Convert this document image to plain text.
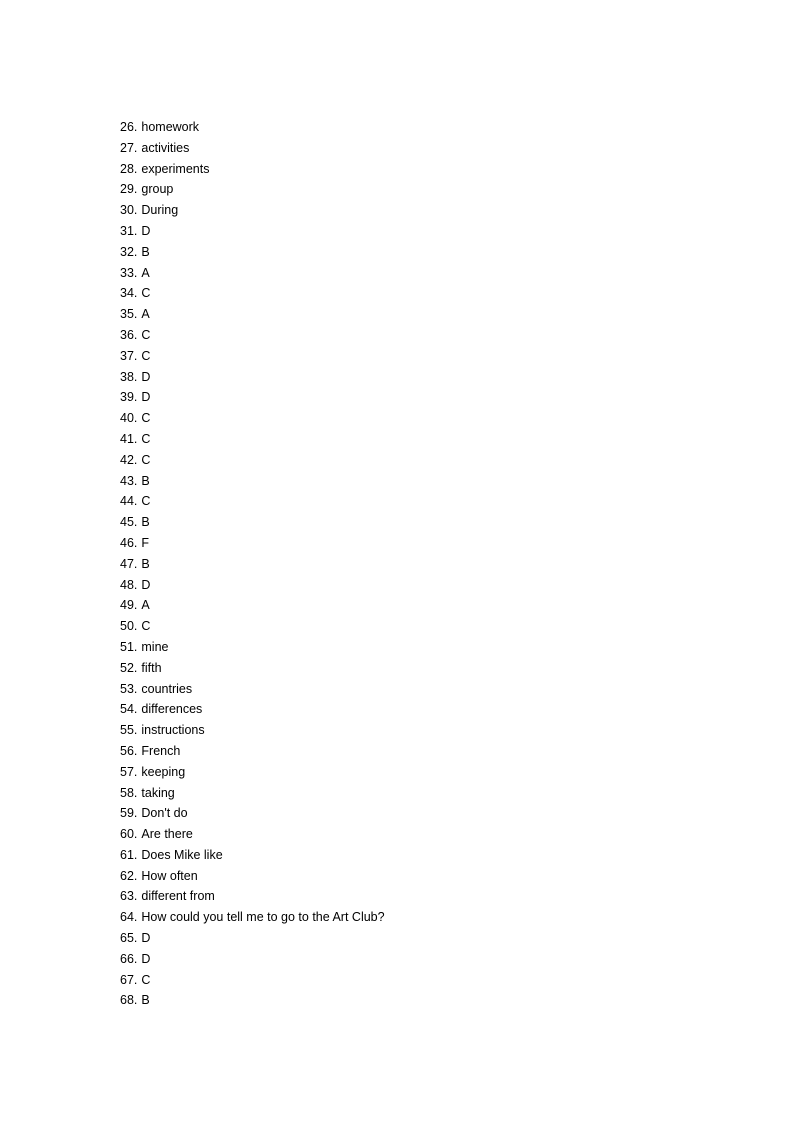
26. homework
27. activities
28. experiments
29. group
30. During
31. D
32. B
33. A
34. C
35. A
36. C
37. C
38. D
39. D
40. C
41. C
42. C
43. B
44. C
45. B
46. F
47. B
48. D
49. A
50. C
51. mine
52. fifth
53. countries
54. differences
55. instructions
56. French
57. keeping
58. taking
59. Don't do
60. Are there
61. Does Mike like
62. How often
63. different from
64. How could you tell me to go to the Art Club?
65. D
66. D
67. C
68. B
